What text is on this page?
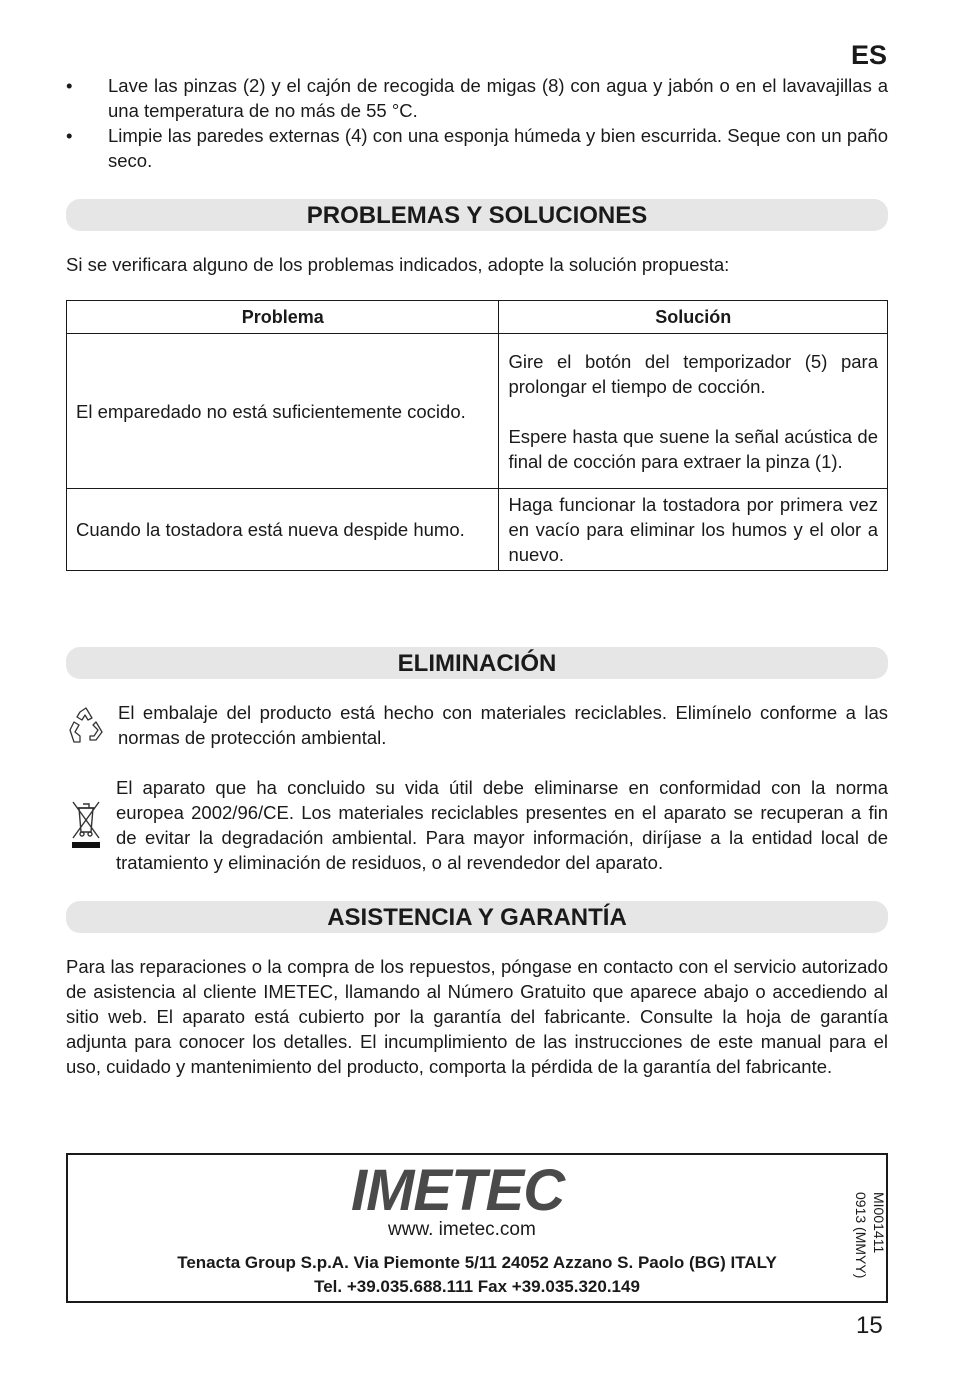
ES
• Lave las pinzas (2) y el cajón de recogida de migas (8) con agua y jabón o en el lavavajillas a una temperatura de no más de 55 °C.
• Limpie las paredes externas (4) con una esponja húmeda y bien escurrida. Seque con un paño seco.
PROBLEMAS Y SOLUCIONES
Si se verificara alguno de los problemas indicados, adopte la solución propuesta:
Problema	Solución
El emparedado no está suficientemente cocido.	Gire el botón del temporizador (5) para prolongar el tiempo de cocción.
Espere hasta que suene la señal acústica de final de cocción para extraer la pinza (1).

Cuando la tostadora está nueva despide humo.	Haga funcionar la tostadora por primera vez en vacío para eliminar los humos y el olor a nuevo.
ELIMINACIÓN
El embalaje del producto está hecho con materiales reciclables. Elimínelo conforme a las normas de protección ambiental.
El aparato que ha concluido su vida útil debe eliminarse en conformidad con la norma europea 2002/96/CE. Los materiales reciclables presentes en el aparato se recuperan a fin de evitar la degradación ambiental. Para mayor información, diríjase a la entidad local de tratamiento y eliminación de residuos, o al revendedor del aparato.
ASISTENCIA Y GARANTÍA
Para las reparaciones o la compra de los repuestos, póngase en contacto con el servicio autorizado de asistencia al cliente IMETEC, llamando al Número Gratuito que aparece abajo o accediendo al sitio web. El aparato está cubierto por la garantía del fabricante. Consulte la hoja de garantía adjunta para conocer los detalles. El incumplimiento de las instrucciones de este manual para el uso, cuidado y mantenimiento del producto, comporta la pérdida de la garantía del fabricante.
IMETEC
www. imetec.com
Tenacta Group S.p.A. Via Piemonte 5/11 24052 Azzano S. Paolo (BG) ITALY
Tel. +39.035.688.111 Fax +39.035.320.149
MI001411
0913 (MMYY)
15
